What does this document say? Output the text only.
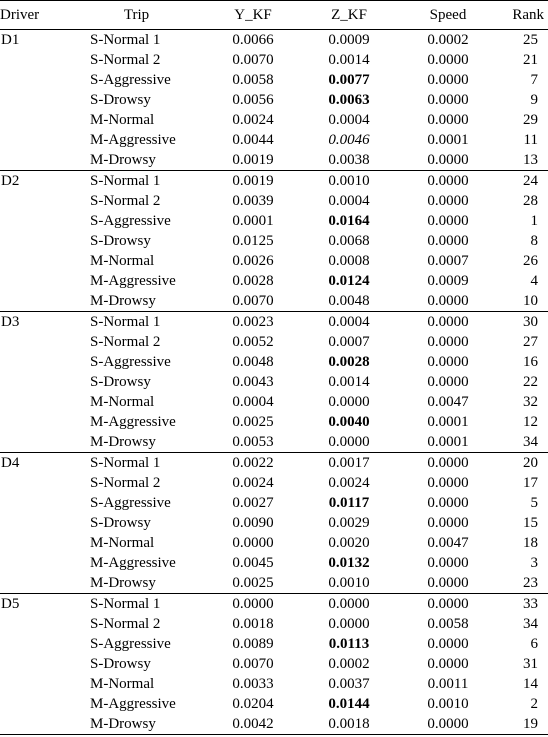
Driver	Trip	Y_KF	Z_KF	Speed	Rank
D1	S-Normal 1	0.0066	0.0009	0.0002	25
	S-Normal 2	0.0070	0.0014	0.0000	21
	S-Aggressive	0.0058	0.0077	0.0000	7
	S-Drowsy	0.0056	0.0063	0.0000	9
	M-Normal	0.0024	0.0004	0.0000	29
	M-Aggressive	0.0044	0.0046	0.0001	11
	M-Drowsy	0.0019	0.0038	0.0000	13
D2	S-Normal 1	0.0019	0.0010	0.0000	24
	S-Normal 2	0.0039	0.0004	0.0000	28
	S-Aggressive	0.0001	0.0164	0.0000	1
	S-Drowsy	0.0125	0.0068	0.0000	8
	M-Normal	0.0026	0.0008	0.0007	26
	M-Aggressive	0.0028	0.0124	0.0009	4
	M-Drowsy	0.0070	0.0048	0.0000	10
D3	S-Normal 1	0.0023	0.0004	0.0000	30
	S-Normal 2	0.0052	0.0007	0.0000	27
	S-Aggressive	0.0048	0.0028	0.0000	16
	S-Drowsy	0.0043	0.0014	0.0000	22
	M-Normal	0.0004	0.0000	0.0047	32
	M-Aggressive	0.0025	0.0040	0.0001	12
	M-Drowsy	0.0053	0.0000	0.0001	34
D4	S-Normal 1	0.0022	0.0017	0.0000	20
	S-Normal 2	0.0024	0.0024	0.0000	17
	S-Aggressive	0.0027	0.0117	0.0000	5
	S-Drowsy	0.0090	0.0029	0.0000	15
	M-Normal	0.0000	0.0020	0.0047	18
	M-Aggressive	0.0045	0.0132	0.0000	3
	M-Drowsy	0.0025	0.0010	0.0000	23
D5	S-Normal 1	0.0000	0.0000	0.0000	33
	S-Normal 2	0.0018	0.0000	0.0058	34
	S-Aggressive	0.0089	0.0113	0.0000	6
	S-Drowsy	0.0070	0.0002	0.0000	31
	M-Normal	0.0033	0.0037	0.0011	14
	M-Aggressive	0.0204	0.0144	0.0010	2
	M-Drowsy	0.0042	0.0018	0.0000	19
